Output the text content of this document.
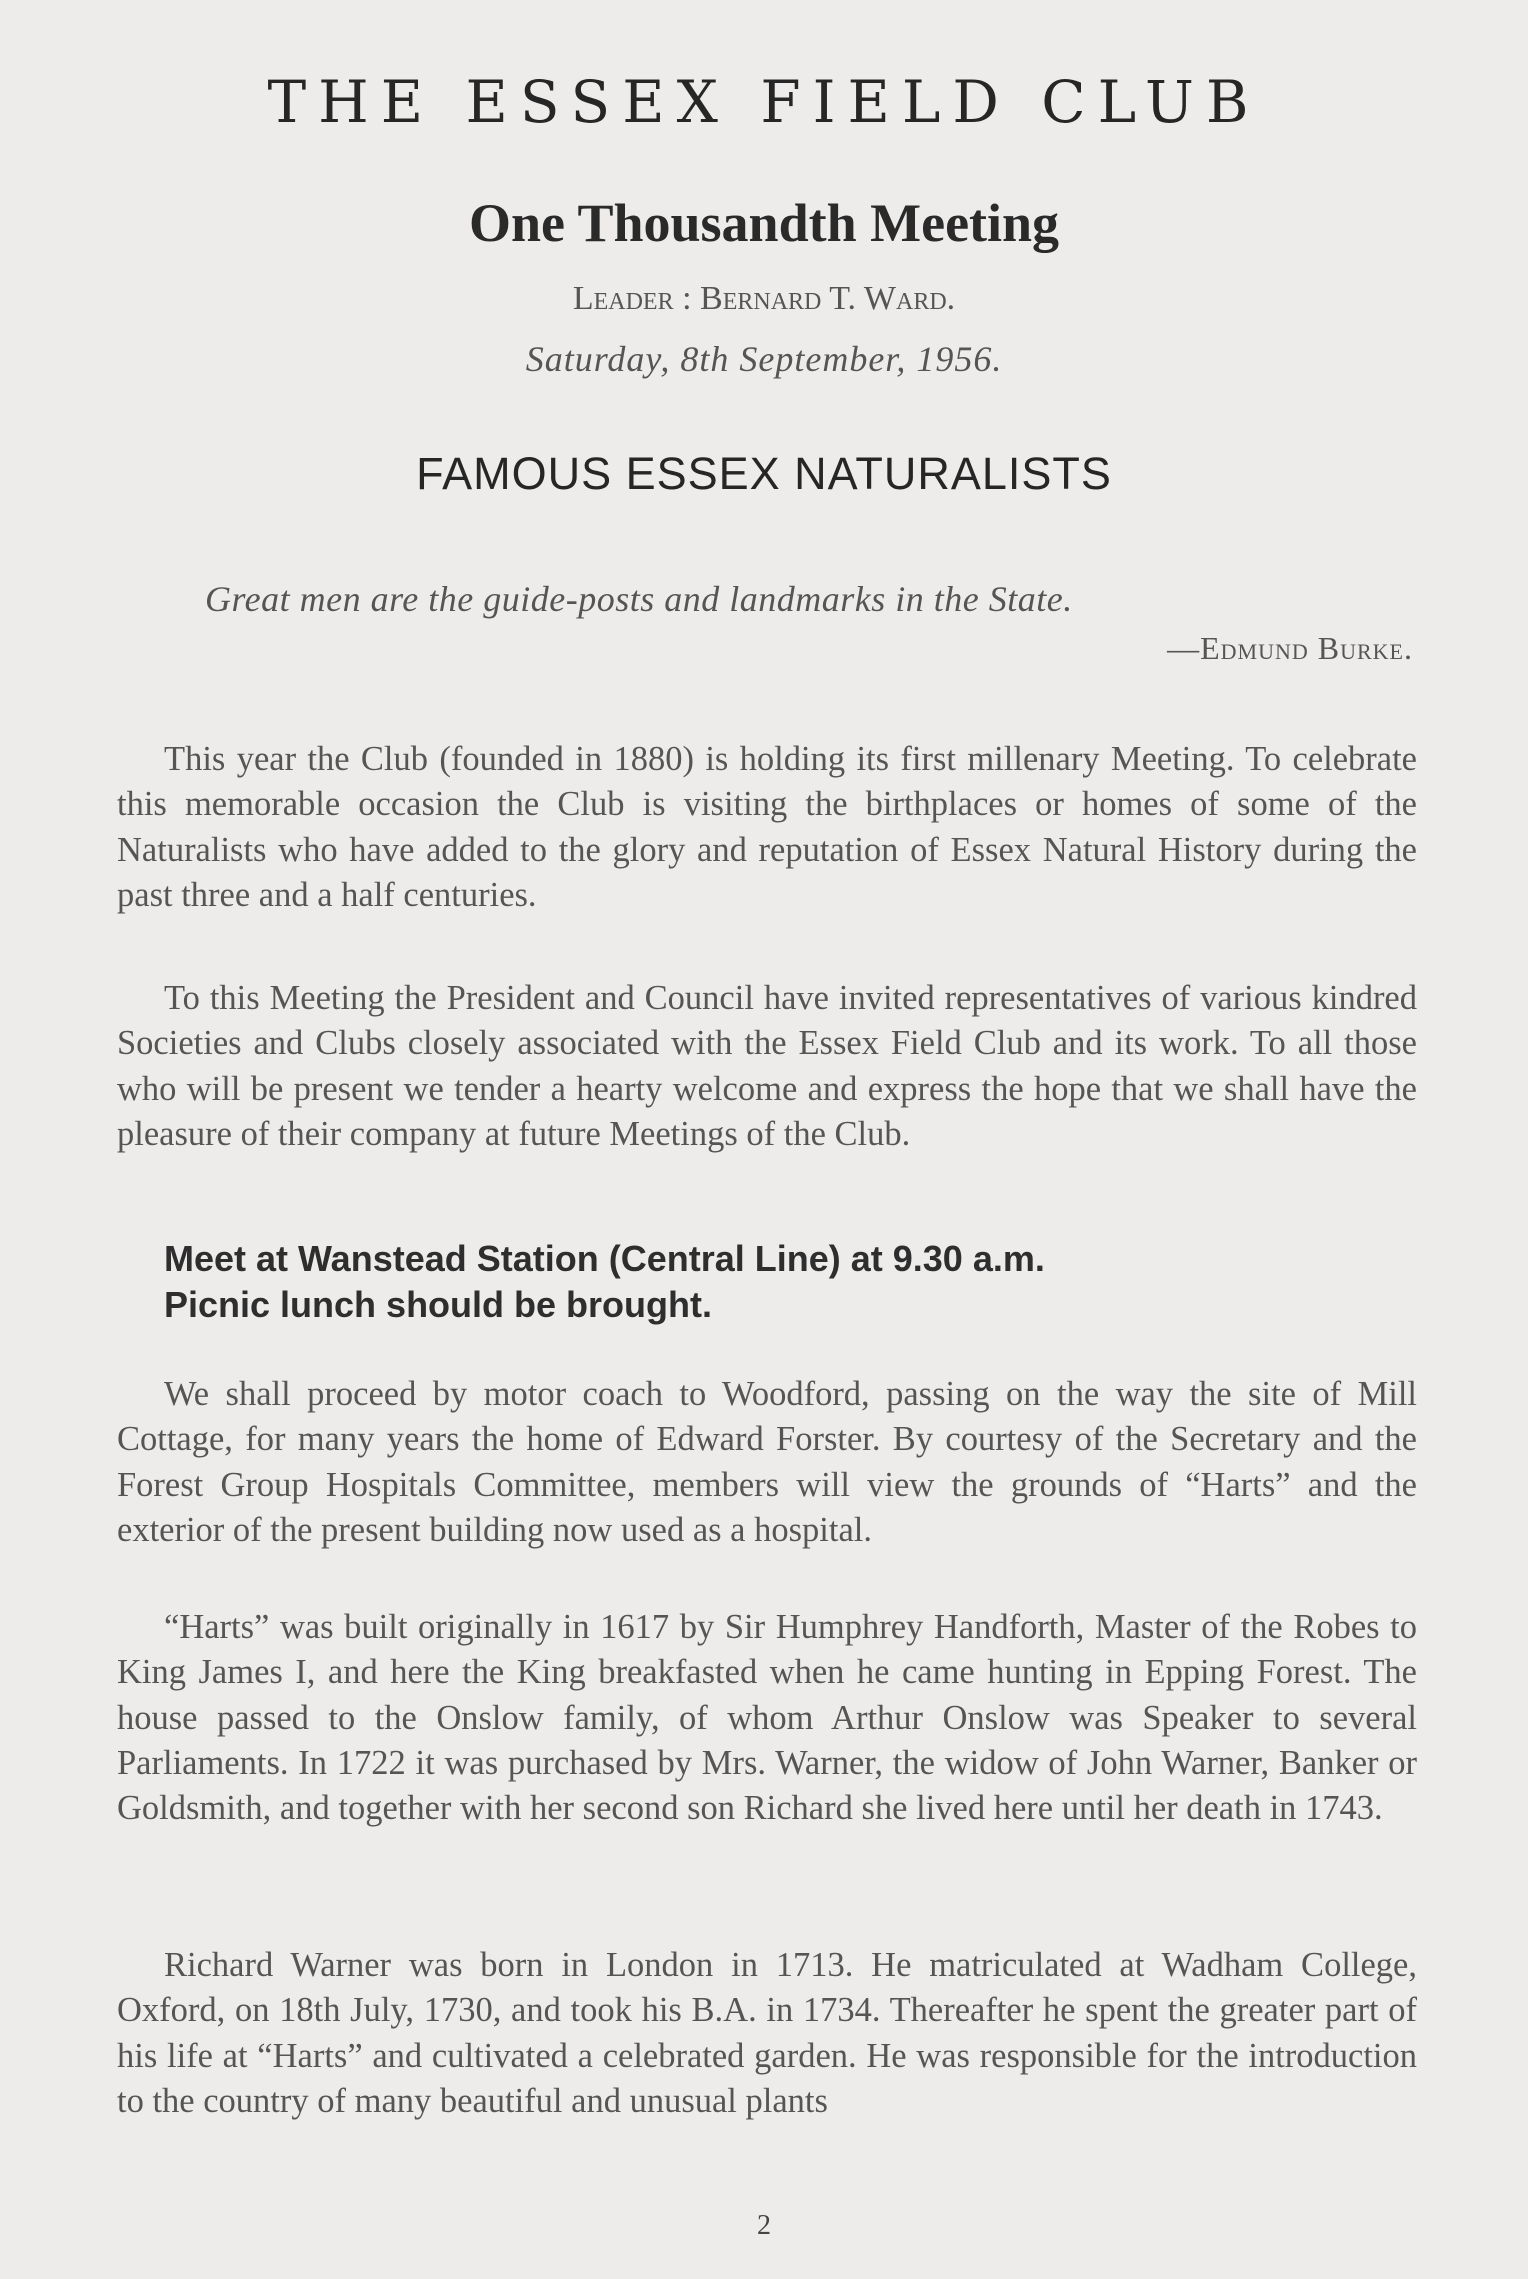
THE ESSEX FIELD CLUB
One Thousandth Meeting
Leader : Bernard T. Ward.
Saturday, 8th September, 1956.
FAMOUS ESSEX NATURALISTS
Great men are the guide-posts and landmarks in the State.
—Edmund Burke.

This year the Club (founded in 1880) is holding its first millenary Meeting. To celebrate this memorable occasion the Club is visiting the birthplaces or homes of some of the Naturalists who have added to the glory and reputation of Essex Natural History during the past three and a half centuries.

To this Meeting the President and Council have invited representatives of various kindred Societies and Clubs closely associated with the Essex Field Club and its work. To all those who will be present we tender a hearty welcome and express the hope that we shall have the pleasure of their company at future Meetings of the Club.

Meet at Wanstead Station (Central Line) at 9.30 a.m.
Picnic lunch should be brought.

We shall proceed by motor coach to Woodford, passing on the way the site of Mill Cottage, for many years the home of Edward Forster. By courtesy of the Secretary and the Forest Group Hospitals Committee, members will view the grounds of “Harts” and the exterior of the present building now used as a hospital.

“Harts” was built originally in 1617 by Sir Humphrey Handforth, Master of the Robes to King James I, and here the King breakfasted when he came hunting in Epping Forest. The house passed to the Onslow family, of whom Arthur Onslow was Speaker to several Parliaments. In 1722 it was purchased by Mrs. Warner, the widow of John Warner, Banker or Goldsmith, and together with her second son Richard she lived here until her death in 1743.

Richard Warner was born in London in 1713. He matriculated at Wadham College, Oxford, on 18th July, 1730, and took his B.A. in 1734. Thereafter he spent the greater part of his life at “Harts” and cultivated a celebrated garden. He was responsible for the introduction to the country of many beautiful and unusual plants

2
